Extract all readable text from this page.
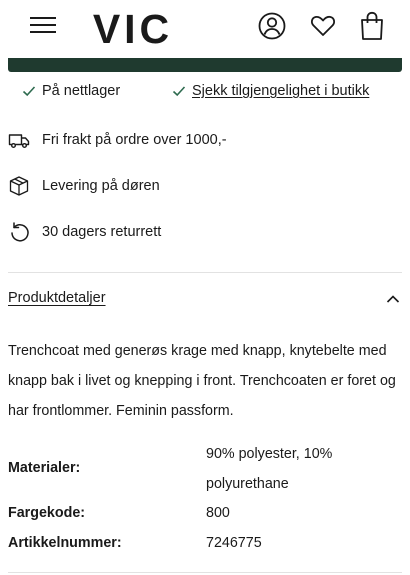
VIC
På nettlager	Sjekk tilgjengelighet i butikk
Fri frakt på ordre over 1000,-
Levering på døren
30 dagers returrett
Produktdetaljer

Trenchcoat med generøs krage med knapp, knytebelte med knapp bak i livet og knepping i front. Trenchcoaten er foret og har frontlommer. Feminin passform.

Materialer:
90% polyester, 10% polyurethane
Fargekode:	800
Artikkelnummer:	7246775
